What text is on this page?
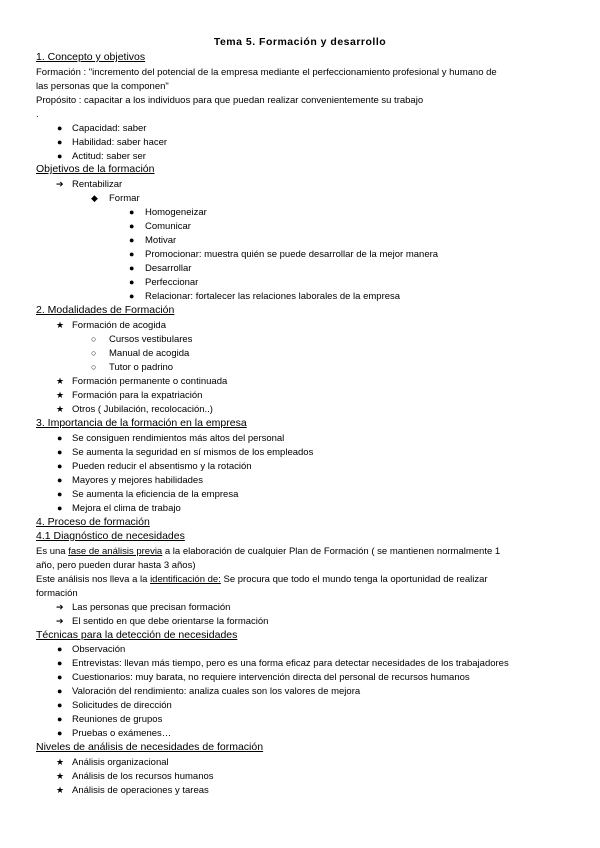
Tema 5. Formación y desarrollo
1. Concepto y objetivos
Formación : "incremento del potencial de la empresa mediante el perfeccionamiento profesional y humano de
las personas que la componen"
Propósito : capacitar a los individuos para que puedan realizar convenientemente su trabajo
.
● Capacidad: saber
● Habilidad: saber hacer
● Actitud: saber ser
Objetivos de la formación
➔ Rentabilizar
◆ Formar
● Homogeneizar
● Comunicar
● Motivar
● Promocionar: muestra quién se puede desarrollar de la mejor manera
● Desarrollar
● Perfeccionar
● Relacionar: fortalecer las relaciones laborales de la empresa
2. Modalidades de Formación
★ Formación de acogida
○ Cursos vestibulares
○ Manual de acogida
○ Tutor o padrino
★ Formación permanente o continuada
★ Formación para la expatriación
★ Otros ( Jubilación, recolocación..)
3. Importancia de la formación en la empresa
● Se consiguen rendimientos más altos del personal
● Se aumenta la seguridad en sí mismos de los empleados
● Pueden reducir el absentismo y la rotación
● Mayores y mejores habilidades
● Se aumenta la eficiencia de la empresa
● Mejora el clima de trabajo
4. Proceso de formación
4.1 Diagnóstico de necesidades
Es una fase de análisis previa a la elaboración de cualquier Plan de Formación ( se mantienen normalmente 1
año, pero pueden durar hasta 3 años)
Este análisis nos lleva a la identificación de: Se procura que todo el mundo tenga la oportunidad de realizar
formación
➔ Las personas que precisan formación
➔ El sentido en que debe orientarse la formación
Técnicas para la detección de necesidades
● Observación
● Entrevistas: llevan más tiempo, pero es una forma eficaz para detectar necesidades de los trabajadores
● Cuestionarios: muy barata, no requiere intervención directa del personal de recursos humanos
● Valoración del rendimiento: analiza cuales son los valores de mejora
● Solicitudes de dirección
● Reuniones de grupos
● Pruebas o exámenes…
Niveles de análisis de necesidades de formación
★ Análisis organizacional
★ Análisis de los recursos humanos
★ Análisis de operaciones y tareas
